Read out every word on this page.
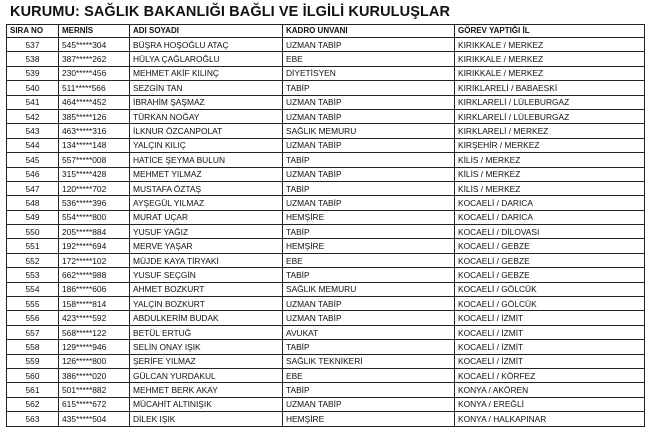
KURUMU: SAĞLIK BAKANLIĞI BAĞLI VE İLGİLİ KURULUŞLAR
SIRA NO	MERNİS	ADI SOYADI	KADRO UNVANI	GÖREV YAPTIĞI İL
537	545*****304	BÜŞRA HOŞOĞLU ATAÇ	UZMAN TABİP	KIRIKKALE / MERKEZ
538	387*****262	HÜLYA ÇAĞLAROĞLU	EBE	KIRIKKALE / MERKEZ
539	230*****456	MEHMET AKİF KILINÇ	DİYETİSYEN	KIRIKKALE / MERKEZ
540	511*****566	SEZGİN TAN	TABİP	KIRIKLARELİ / BABAESKİ
541	464*****452	İBRAHİM ŞAŞMAZ	UZMAN TABİP	KIRKLARELİ / LÜLEBURGAZ
542	385*****126	TÜRKAN NOĞAY	UZMAN TABİP	KIRKLARELİ / LÜLEBURGAZ
543	463*****316	İLKNUR ÖZCANPOLAT	SAĞLIK MEMURU	KIRKLARELİ / MERKEZ
544	134*****148	YALÇIN KILIÇ	UZMAN TABİP	KIRŞEHİR / MERKEZ
545	557*****008	HATİCE ŞEYMA BULUN	TABİP	KİLİS / MERKEZ
546	315*****428	MEHMET YILMAZ	UZMAN TABİP	KİLİS / MERKEZ
547	120*****702	MUSTAFA ÖZTAŞ	TABİP	KİLİS / MERKEZ
548	536*****396	AYŞEGÜL YILMAZ	UZMAN TABİP	KOCAELİ / DARICA
549	554*****800	MURAT UÇAR	HEMŞİRE	KOCAELİ / DARICA
550	205*****884	YUSUF YAĞIZ	TABİP	KOCAELİ / DİLOVASI
551	192*****694	MERVE YAŞAR	HEMŞİRE	KOCAELİ / GEBZE
552	172*****102	MÜJDE KAYA TİRYAKİ	EBE	KOCAELİ / GEBZE
553	662*****988	YUSUF SEÇGİN	TABİP	KOCAELİ / GEBZE
554	186*****606	AHMET BOZKURT	SAĞLIK MEMURU	KOCAELİ / GÖLCÜK
555	158*****814	YALÇIN BOZKURT	UZMAN TABİP	KOCAELİ / GÖLCÜK
556	423*****592	ABDULKERİM BUDAK	UZMAN TABİP	KOCAELİ / İZMİT
557	568*****122	BETÜL ERTUĞ	AVUKAT	KOCAELİ / İZMİT
558	129*****946	SELİN ONAY IŞIK	TABİP	KOCAELİ / İZMİT
559	126*****800	ŞERİFE YILMAZ	SAĞLIK TEKNİKERİ	KOCAELİ / İZMİT
560	386*****020	GÜLCAN YURDAKUL	EBE	KOCAELİ / KÖRFEZ
561	501*****882	MEHMET BERK AKAY	TABİP	KONYA / AKÖREN
562	615*****672	MÜCAHİT ALTINIŞIK	UZMAN TABİP	KONYA / EREĞLİ
563	435*****504	DİLEK IŞIK	HEMŞİRE	KONYA / HALKAPINAR
